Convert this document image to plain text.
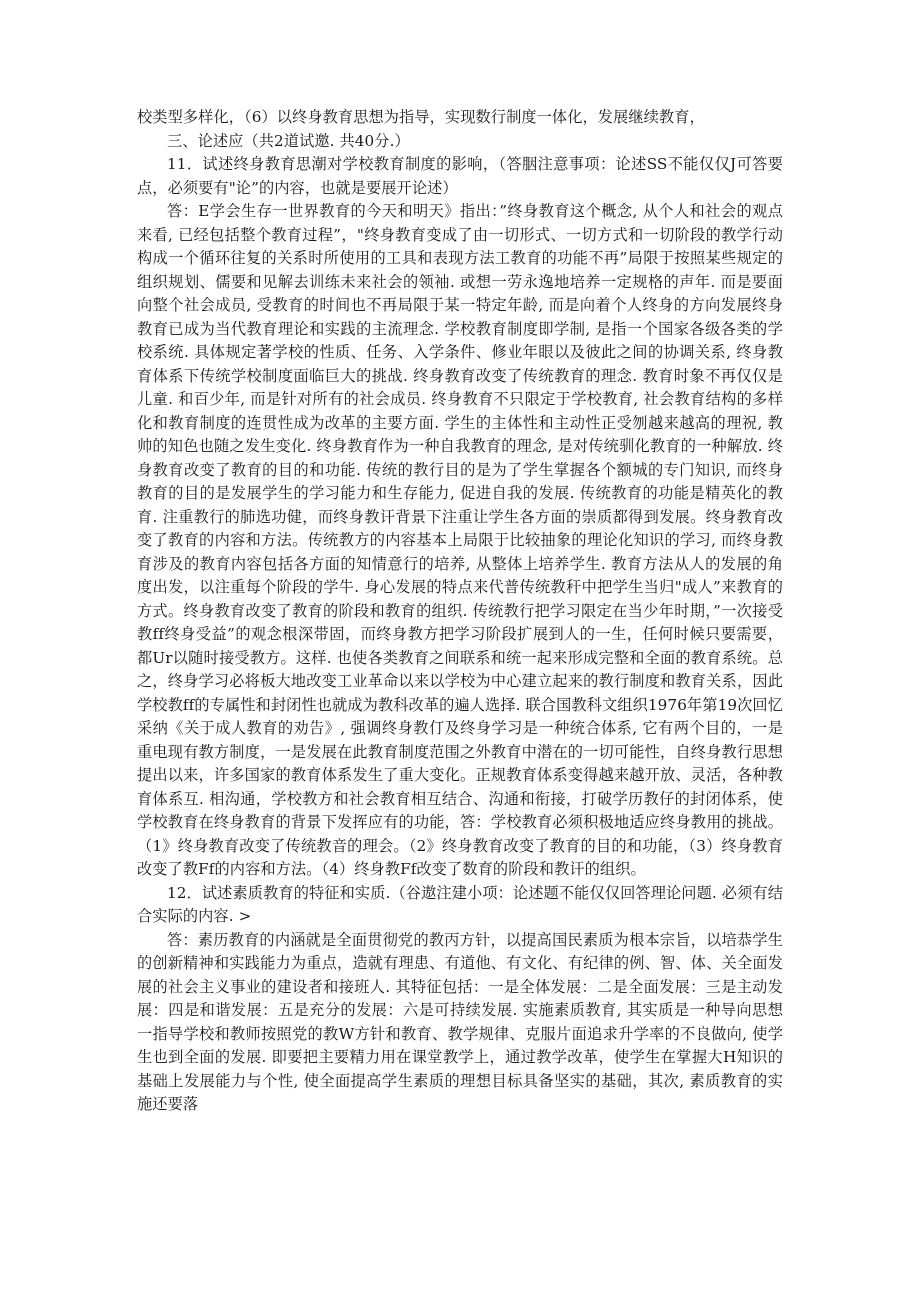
校类型多样化，（6）以终身教育思想为指导，实现数行制度一体化，发展继续教育，

三、论述应（共2道试邀. 共40分.）

11．试述终身教育思潮对学校教育制度的影响，（答胭注意事项：论述SS不能仅仅J可答要点，必须要有"论”的内容，也就是要展开论述）

答：E学会生存一世界教育的今天和明天》指出：”终身教育这个概念, 从个人和社会的观点来看, 已经包括整个教育过程”，"终身教育变成了由一切形式、一切方式和一切阶段的教学行动构成一个循环往复的关系时所使用的工具和表现方法工教育的功能不再”局限于按照某些规定的组织规划、儒要和见解去训练未来社会的领袖. 或想一劳永逸地培养一定规格的声年. 而是要面向整个社会成员, 受教育的时间也不再局限于某一特定年龄, 而是向着个人终身的方向发展终身教育已成为当代教育理论和实践的主流理念. 学校教育制度即学制, 是指一个国家各级各类的学校系统. 具体规定著学校的性质、任务、入学条件、修业年眼以及彼此之间的协调关系, 终身教育体系下传统学校制度面临巨大的挑战. 终身教育改变了传统教育的理念. 教育时象不再仅仅是儿童. 和百少年, 而是针对所有的社会成员. 终身教育不只限定于学校教育, 社会教育结构的多样化和教育制度的连贯性成为改革的主要方面. 学生的主体性和主动性正受刎越来越高的理祝, 教帅的知色也随之发生变化. 终身教育作为一种自我教育的理念, 是对传统驯化教育的一种解放. 终身教育改变了教育的目的和功能. 传统的教行目的是为了学生掌握各个额城的专门知识, 而终身教育的目的是发展学生的学习能力和生存能力, 促进自我的发展. 传统教育的功能是精英化的教育. 注重教行的肺选功健，而终身教讦背景下注重让学生各方面的崇质都得到发展。终身教育改变了教育的内容和方法。传统教方的内容基本上局限于比较抽象的理论化知识的学习, 而终身教育涉及的教育内容包括各方面的知情意行的培养, 从整体上培养学生. 教育方法从人的发展的角度出发，以注重每个阶段的学牛. 身心发展的特点来代普传统教秆中把学生当归"成人”来教育的方式。终身教育改变了教育的阶段和教育的组织. 传统教行把学习限定在当少年时期，”一次接受教ff终身受益”的观念根深带固，而终身教方把学习阶段扩展到人的一生，任何时候只要需要，都Ur以随时接受教方。这样. 也使各类教育之间联系和统一起来形成完整和全面的教育系统。总之，终身学习必将板大地改变工业革命以来以学校为中心建立起来的教行制度和教育关系，因此学校教ff的专属性和封闭性也就成为教科改革的遍人选择. 联合国教科文组织1976年第19次回忆采纳《关于成人教育的劝告》, 强调终身教仃及终身学习是一种统合体系, 它有两个目的，一是重电现有教方制度，一是发展在此教育制度范围之外教育中潜在的一切可能性，自终身教行思想提出以来，许多国家的教育体系发生了重大变化。正规教育体系变得越来越开放、灵活，各种教育体系互. 相沟通，学校教方和社会教育相互结合、沟通和衔接，打破学历教仔的封闭体系，使学校教育在终身教育的背景下发挥应有的功能，答：学校教育必须积极地适应终身教用的挑战。（1》终身教育改变了传统教音的理会。（2》终身教育改变了教育的目的和功能，（3）终身教育改变了教Ff的内容和方法。（4）终身教Ff改变了数育的阶段和教讦的组织。

12．试述素质教育的特征和实质.（谷遨注建小项：论述题不能仅仅回答理论问题. 必须有结合实际的内容. >

答：素历教育的内涵就是全面贯彻党的教丙方针，以提高国民素质为根本宗旨，以培恭学生的创新精神和实践能力为重点，造就有理患、有道他、有文化、有纪律的例、智、体、关全面发展的社会主义事业的建设者和接班人. 其特征包括：一是全体发展：二是全面发展：三是主动发展：四是和谐发展：五是充分的发展：六是可持续发展. 实施素质教育, 其实质是一种导向思想一指导学校和教师按照党的教W方针和教育、教学规律、克服片面追求升学率的不良做向, 使学生也到全面的发展. 即要把主要精力用在课堂教学上，通过教学改革，使学生在掌握大H知识的基础上发展能力与个性, 使全面提高学生素质的理想目标具备坚实的基础，其次, 素质教育的实施还要落
